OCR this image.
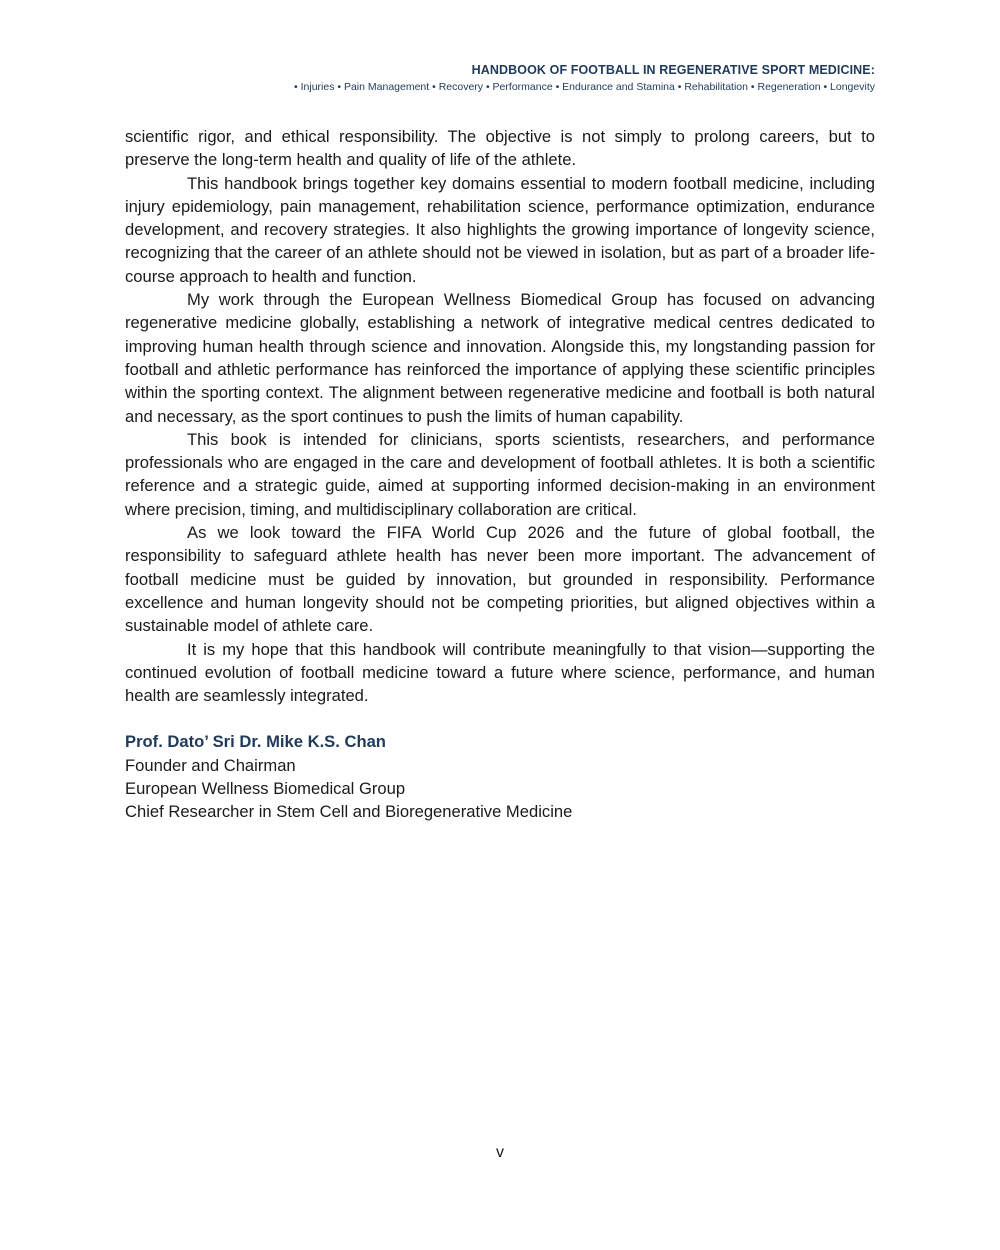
HANDBOOK OF FOOTBALL IN REGENERATIVE SPORT MEDICINE:
• Injuries • Pain Management • Recovery • Performance • Endurance and Stamina • Rehabilitation • Regeneration • Longevity

scientific rigor, and ethical responsibility. The objective is not simply to prolong careers, but to preserve the long-term health and quality of life of the athlete.

This handbook brings together key domains essential to modern football medicine, including injury epidemiology, pain management, rehabilitation science, performance optimization, endurance development, and recovery strategies. It also highlights the growing importance of longevity science, recognizing that the career of an athlete should not be viewed in isolation, but as part of a broader life-course approach to health and function.

My work through the European Wellness Biomedical Group has focused on advancing regenerative medicine globally, establishing a network of integrative medical centres dedicated to improving human health through science and innovation. Alongside this, my longstanding passion for football and athletic performance has reinforced the importance of applying these scientific principles within the sporting context. The alignment between regenerative medicine and football is both natural and necessary, as the sport continues to push the limits of human capability.

This book is intended for clinicians, sports scientists, researchers, and performance professionals who are engaged in the care and development of football athletes. It is both a scientific reference and a strategic guide, aimed at supporting informed decision-making in an environment where precision, timing, and multidisciplinary collaboration are critical.

As we look toward the FIFA World Cup 2026 and the future of global football, the responsibility to safeguard athlete health has never been more important. The advancement of football medicine must be guided by innovation, but grounded in responsibility. Performance excellence and human longevity should not be competing priorities, but aligned objectives within a sustainable model of athlete care.

It is my hope that this handbook will contribute meaningfully to that vision—supporting the continued evolution of football medicine toward a future where science, performance, and human health are seamlessly integrated.

Prof. Dato’ Sri Dr. Mike K.S. Chan
Founder and Chairman
European Wellness Biomedical Group
Chief Researcher in Stem Cell and Bioregenerative Medicine
v
